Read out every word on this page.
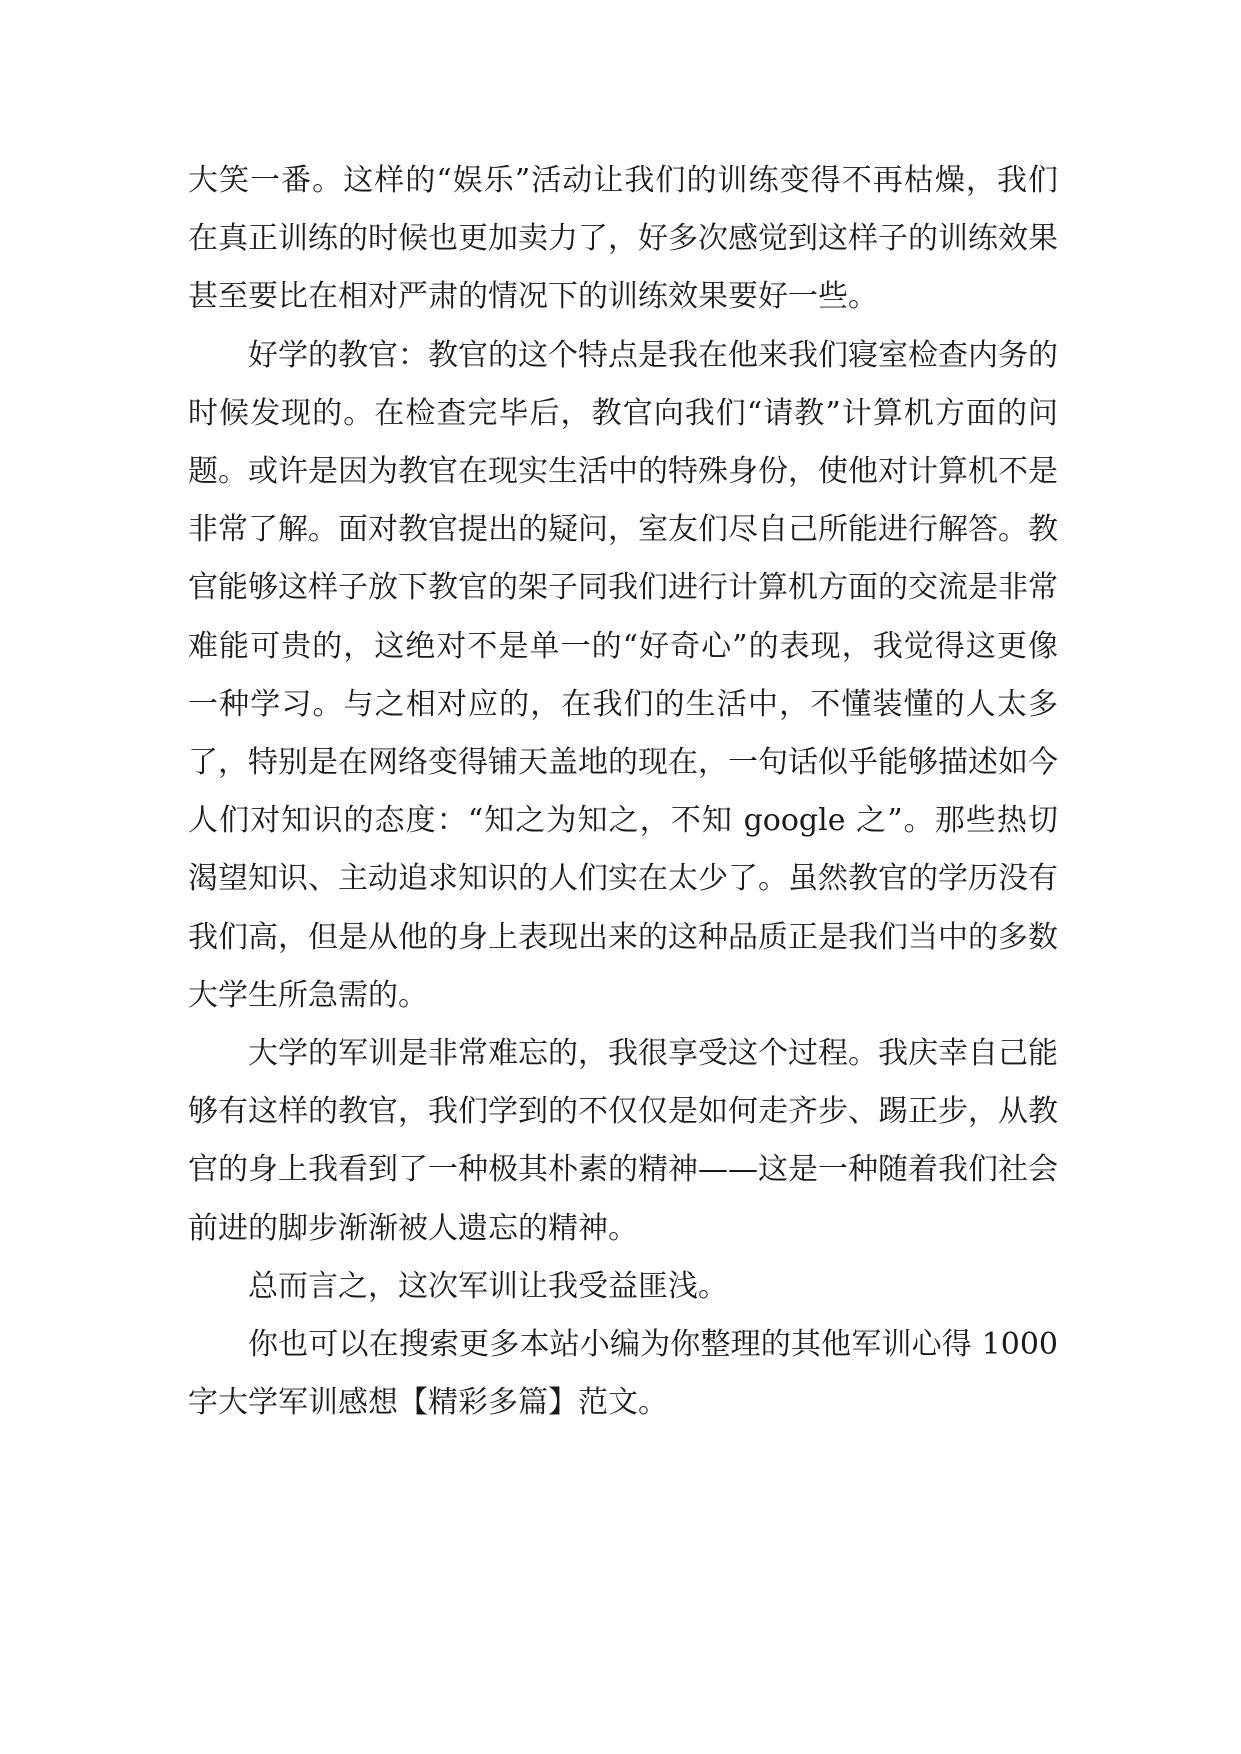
大笑一番。这样的“娱乐”活动让我们的训练变得不再枯燥，我们在真正训练的时候也更加卖力了，好多次感觉到这样子的训练效果甚至要比在相对严肃的情况下的训练效果要好一些。

好学的教官：教官的这个特点是我在他来我们寝室检查内务的时候发现的。在检查完毕后，教官向我们“请教”计算机方面的问题。或许是因为教官在现实生活中的特殊身份，使他对计算机不是非常了解。面对教官提出的疑问，室友们尽自己所能进行解答。教官能够这样子放下教官的架子同我们进行计算机方面的交流是非常难能可贵的，这绝对不是单一的“好奇心”的表现，我觉得这更像一种学习。与之相对应的，在我们的生活中，不懂装懂的人太多了，特别是在网络变得铺天盖地的现在，一句话似乎能够描述如今人们对知识的态度：“知之为知之，不知 google 之”。那些热切渴望知识、主动追求知识的人们实在太少了。虽然教官的学历没有我们高，但是从他的身上表现出来的这种品质正是我们当中的多数大学生所急需的。

大学的军训是非常难忘的，我很享受这个过程。我庆幸自己能够有这样的教官，我们学到的不仅仅是如何走齐步、踢正步，从教官的身上我看到了一种极其朴素的精神——这是一种随着我们社会前进的脚步渐渐被人遗忘的精神。

总而言之，这次军训让我受益匪浅。

你也可以在搜索更多本站小编为你整理的其他军训心得 1000 字大学军训感想【精彩多篇】范文。
